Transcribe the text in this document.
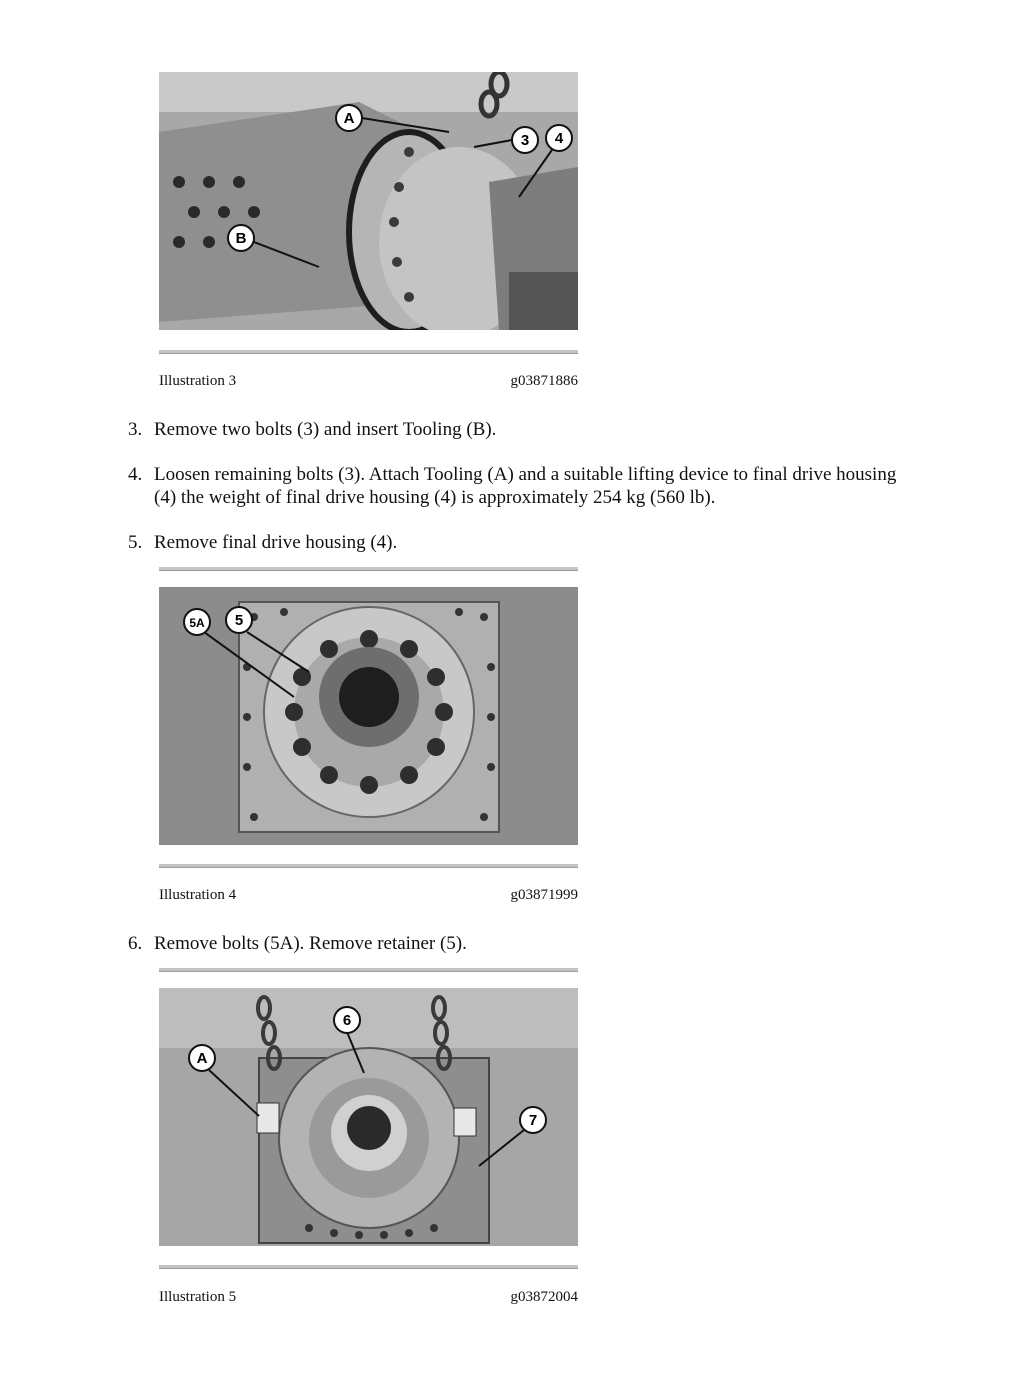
A
B
3 4
Illustration 3	g03871886
3. Remove two bolts (3) and insert Tooling (B).
4. Loosen remaining bolts (3). Attach Tooling (A) and a suitable lifting device to final drive housing (4) the weight of final drive housing (4) is approximately 254 kg (560 lb).
5. Remove final drive housing (4).
5A 5
Illustration 4	g03871999
6. Remove bolts (5A). Remove retainer (5).
A
6
7
Illustration 5	g03872004
